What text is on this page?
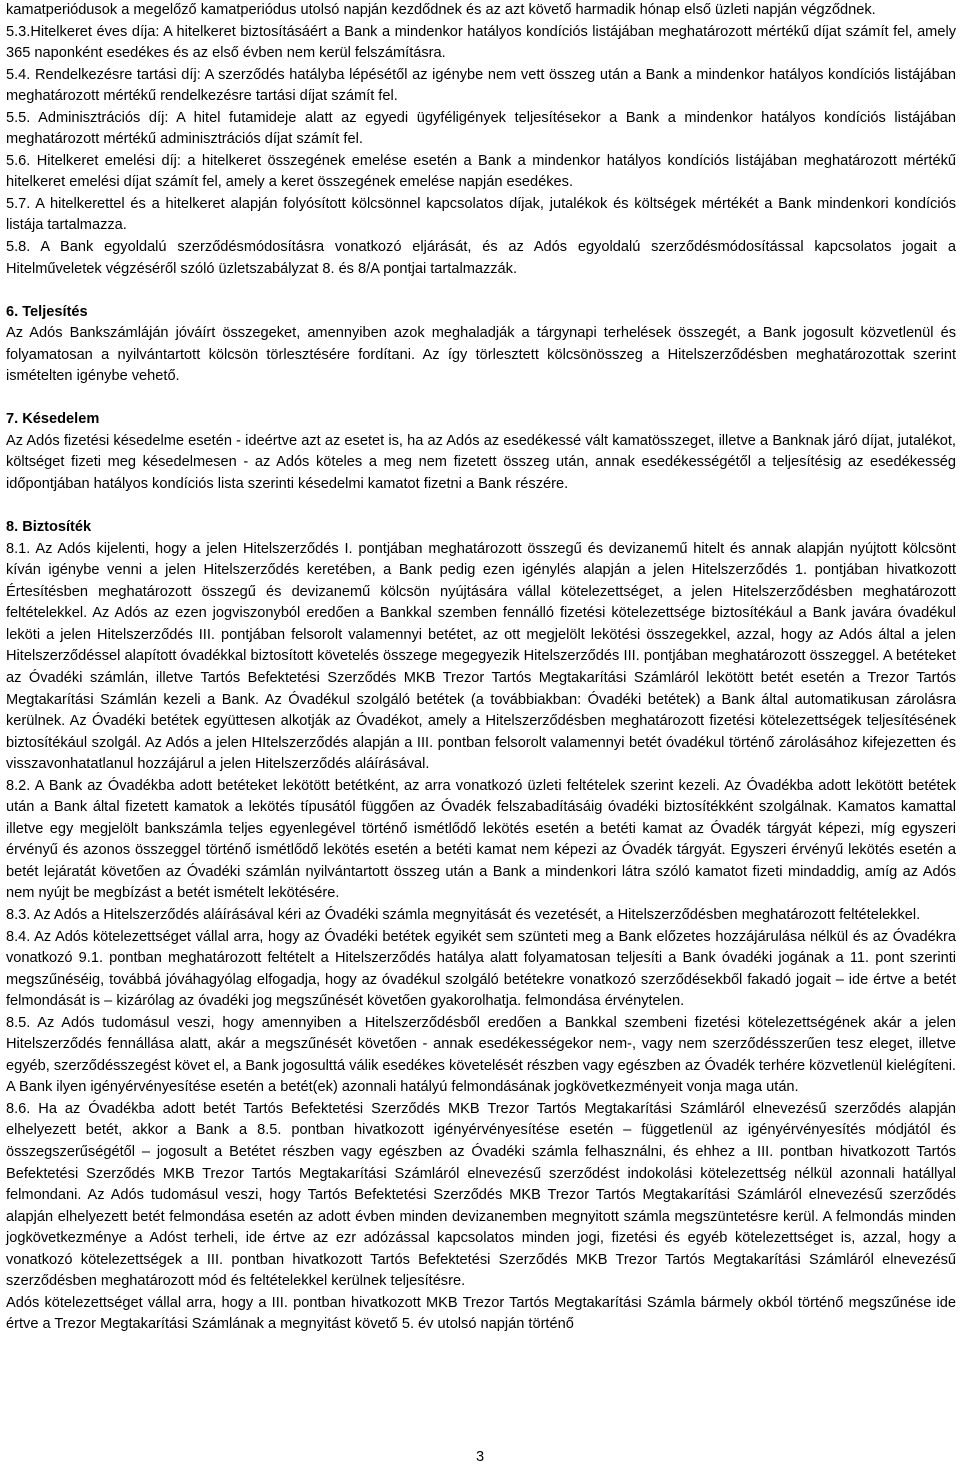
kamatperiódusok a megelőző kamatperiódus utolsó napján kezdődnek és az azt követő harmadik hónap első üzleti napján végződnek.

5.3.Hitelkeret éves díja: A hitelkeret biztosításáért a Bank a mindenkor hatályos kondíciós listájában meghatározott mértékű díjat számít fel, amely 365 naponként esedékes és az első évben nem kerül felszámításra.

5.4. Rendelkezésre tartási díj: A szerződés hatályba lépésétől az igénybe nem vett összeg után a Bank a mindenkor hatályos kondíciós listájában meghatározott mértékű rendelkezésre tartási díjat számít fel.

5.5. Adminisztrációs díj: A hitel futamideje alatt az egyedi ügyféligények teljesítésekor a Bank a mindenkor hatályos kondíciós listájában meghatározott mértékű adminisztrációs díjat számít fel.

5.6. Hitelkeret emelési díj: a hitelkeret összegének emelése esetén a Bank a mindenkor hatályos kondíciós listájában meghatározott mértékű hitelkeret emelési díjat számít fel, amely a keret összegének emelése napján esedékes.

5.7. A hitelkerettel és a hitelkeret alapján folyósított kölcsönnel kapcsolatos díjak, jutalékok és költségek mértékét a Bank mindenkori kondíciós listája tartalmazza.

5.8. A Bank egyoldalú szerződésmódosításra vonatkozó eljárását, és az Adós egyoldalú szerződésmódosítással kapcsolatos jogait a Hitelműveletek végzéséről szóló üzletszabályzat 8. és 8/A pontjai tartalmazzák.

6. Teljesítés

Az Adós Bankszámláján jóváírt összegeket, amennyiben azok meghaladják a tárgynapi terhelések összegét, a Bank jogosult közvetlenül és folyamatosan a nyilvántartott kölcsön törlesztésére fordítani. Az így törlesztett kölcsönösszeg a Hitelszerződésben meghatározottak szerint ismételten igénybe vehető.

7. Késedelem

Az Adós fizetési késedelme esetén - ideértve azt az esetet is, ha az Adós az esedékessé vált kamatösszeget, illetve a Banknak járó díjat, jutalékot, költséget fizeti meg késedelmesen - az Adós köteles a meg nem fizetett összeg után, annak esedékességétől a teljesítésig az esedékesség időpontjában hatályos kondíciós lista szerinti késedelmi kamatot fizetni a Bank részére.

8. Biztosíték

8.1. Az Adós kijelenti, hogy a jelen Hitelszerződés I. pontjában meghatározott összegű és devizanemű hitelt és annak alapján nyújtott kölcsönt kíván igénybe venni a jelen Hitelszerződés keretében, a Bank pedig ezen igénylés alapján a jelen Hitelszerződés 1. pontjában hivatkozott Értesítésben meghatározott összegű és devizanemű kölcsön nyújtására vállal kötelezettséget, a jelen Hitelszerződésben meghatározott feltételekkel. Az Adós az ezen jogviszonyból eredően a Bankkal szemben fennálló fizetési kötelezettsége biztosítékául a Bank javára óvadékul leköti a jelen Hitelszerződés III. pontjában felsorolt valamennyi betétet, az ott megjelölt lekötési összegekkel, azzal, hogy az Adós által a jelen Hitelszerződéssel alapított óvadékkal biztosított követelés összege megegyezik Hitelszerződés III. pontjában meghatározott összeggel. A betéteket az Óvadéki számlán, illetve Tartós Befektetési Szerződés MKB Trezor Tartós Megtakarítási Számláról lekötött betét esetén a Trezor Tartós Megtakarítási Számlán kezeli a Bank. Az Óvadékul szolgáló betétek (a továbbiakban: Óvadéki betétek) a Bank által automatikusan zárolásra kerülnek. Az Óvadéki betétek együttesen alkotják az Óvadékot, amely a Hitelszerződésben meghatározott fizetési kötelezettségek teljesítésének biztosítékául szolgál. Az Adós a jelen HItelszerződés alapján a III. pontban felsorolt valamennyi betét óvadékul történő zárolásához kifejezetten és visszavonhatatlanul hozzájárul a jelen Hitelszerződés aláírásával.

8.2. A Bank az Óvadékba adott betéteket lekötött betétként, az arra vonatkozó üzleti feltételek szerint kezeli. Az Óvadékba adott lekötött betétek után a Bank által fizetett kamatok a lekötés típusától függően az Óvadék felszabadításáig óvadéki biztosítékként szolgálnak. Kamatos kamattal illetve egy megjelölt bankszámla teljes egyenlegével történő ismétlődő lekötés esetén a betéti kamat az Óvadék tárgyát képezi, míg egyszeri érvényű és azonos összeggel történő ismétlődő lekötés esetén a betéti kamat nem képezi az Óvadék tárgyát. Egyszeri érvényű lekötés esetén a betét lejáratát követően az Óvadéki számlán nyilvántartott összeg után a Bank a mindenkori látra szóló kamatot fizeti mindaddig, amíg az Adós nem nyújt be megbízást a betét ismételt lekötésére.

8.3. Az Adós a Hitelszerződés aláírásával kéri az Óvadéki számla megnyitását és vezetését, a Hitelszerződésben meghatározott feltételekkel.

8.4. Az Adós kötelezettséget vállal arra, hogy az Óvadéki betétek egyikét sem szünteti meg a Bank előzetes hozzájárulása nélkül és az Óvadékra vonatkozó 9.1. pontban meghatározott feltételt a Hitelszerződés hatálya alatt folyamatosan teljesíti a Bank óvadéki jogának a 11. pont szerinti megszűnéséig, továbbá jóváhagyólag elfogadja, hogy az óvadékul szolgáló betétekre vonatkozó szerződésekből fakadó jogait – ide értve a betét felmondását is – kizárólag az óvadéki jog megszűnését követően gyakorolhatja. felmondása érvénytelen.

8.5. Az Adós tudomásul veszi, hogy amennyiben a Hitelszerződésből eredően a Bankkal szembeni fizetési kötelezettségének akár a jelen Hitelszerződés fennállása alatt, akár a megszűnését követően - annak esedékességekor nem-, vagy nem szerződésszerűen tesz eleget, illetve egyéb, szerződésszegést követ el, a Bank jogosulttá válik esedékes követelését részben vagy egészben az Óvadék terhére közvetlenül kielégíteni. A Bank ilyen igényérvényesítése esetén a betét(ek) azonnali hatályú felmondásának jogkövetkezményeit vonja maga után.

8.6. Ha az Óvadékba adott betét Tartós Befektetési Szerződés MKB Trezor Tartós Megtakarítási Számláról elnevezésű szerződés alapján elhelyezett betét, akkor a Bank a 8.5. pontban hivatkozott igényérvényesítése esetén – függetlenül az igényérvényesítés módjától és összegszerűségétől – jogosult a Betétet részben vagy egészben az Óvadéki számla felhasználni, és ehhez a III. pontban hivatkozott Tartós Befektetési Szerződés MKB Trezor Tartós Megtakarítási Számláról elnevezésű szerződést indokolási kötelezettség nélkül azonnali hatállyal felmondani. Az Adós tudomásul veszi, hogy Tartós Befektetési Szerződés MKB Trezor Tartós Megtakarítási Számláról elnevezésű szerződés alapján elhelyezett betét felmondása esetén az adott évben minden devizanemben megnyitott számla megszüntetésre kerül. A felmondás minden jogkövetkezménye a Adóst terheli, ide értve az ezr adózással kapcsolatos minden jogi, fizetési és egyéb kötelezettséget is, azzal, hogy a vonatkozó kötelezettségek a III. pontban hivatkozott Tartós Befektetési Szerződés MKB Trezor Tartós Megtakarítási Számláról elnevezésű szerződésben meghatározott mód és feltételekkel kerülnek teljesítésre.

Adós kötelezettséget vállal arra, hogy a III. pontban hivatkozott MKB Trezor Tartós Megtakarítási Számla bármely okból történő megszűnése ide értve a Trezor Megtakarítási Számlának a megnyitást követő 5. év utolsó napján történő

3
